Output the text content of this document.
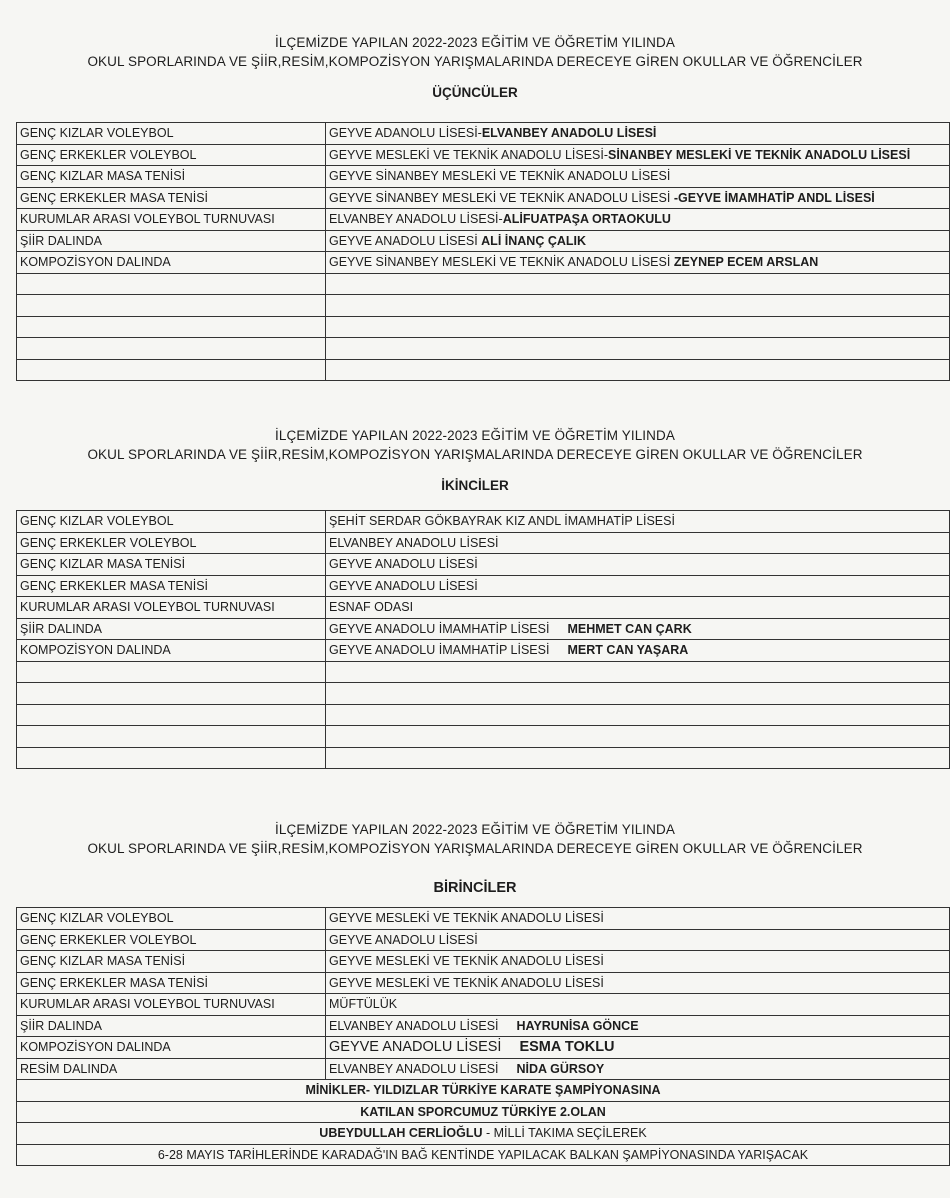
İLÇEMİZDE YAPILAN 2022-2023 EĞİTİM VE ÖĞRETİM YILINDA
OKUL SPORLARINDA VE ŞİİR,RESİM,KOMPOZİSYON YARIŞMALARINDA DERECEYE GİREN OKULLAR VE ÖĞRENCİLER
ÜÇÜNCÜLER
GENÇ KIZLAR VOLEYBOL	GEYVE ADANOLU LİSESİ-ELVANBEY ANADOLU LİSESİ
GENÇ ERKEKLER VOLEYBOL	GEYVE MESLEKİ VE TEKNİK ANADOLU LİSESİ-SİNANBEY MESLEKİ VE TEKNİK ANADOLU LİSESİ
GENÇ KIZLAR MASA TENİSİ	GEYVE SİNANBEY MESLEKİ VE TEKNİK ANADOLU LİSESİ
GENÇ ERKEKLER MASA TENİSİ	GEYVE SİNANBEY MESLEKİ VE TEKNİK ANADOLU LİSESİ -GEYVE İMAMHATİP ANDL LİSESİ
KURUMLAR ARASI VOLEYBOL TURNUVASI	ELVANBEY ANADOLU LİSESİ-ALİFUATPAŞA ORTAOKULU
ŞİİR DALINDA	GEYVE ANADOLU LİSESİ ALİ İNANÇ ÇALIK
KOMPOZİSYON DALINDA	GEYVE SİNANBEY MESLEKİ VE TEKNİK ANADOLU LİSESİ ZEYNEP ECEM ARSLAN

İLÇEMİZDE YAPILAN 2022-2023 EĞİTİM VE ÖĞRETİM YILINDA
OKUL SPORLARINDA VE ŞİİR,RESİM,KOMPOZİSYON YARIŞMALARINDA DERECEYE GİREN OKULLAR VE ÖĞRENCİLER
İKİNCİLER
GENÇ KIZLAR VOLEYBOL	ŞEHİT SERDAR GÖKBAYRAK KIZ ANDL İMAMHATİP LİSESİ
GENÇ ERKEKLER VOLEYBOL	ELVANBEY ANADOLU LİSESİ
GENÇ KIZLAR MASA TENİSİ	GEYVE ANADOLU LİSESİ
GENÇ ERKEKLER MASA TENİSİ	GEYVE ANADOLU LİSESİ
KURUMLAR ARASI VOLEYBOL TURNUVASI	ESNAF ODASI
ŞİİR DALINDA	GEYVE ANADOLU İMAMHATİP LİSESİ MEHMET CAN ÇARK
KOMPOZİSYON DALINDA	GEYVE ANADOLU İMAMHATİP LİSESİ MERT CAN YAŞARA

İLÇEMİZDE YAPILAN 2022-2023 EĞİTİM VE ÖĞRETİM YILINDA
OKUL SPORLARINDA VE ŞİİR,RESİM,KOMPOZİSYON YARIŞMALARINDA DERECEYE GİREN OKULLAR VE ÖĞRENCİLER
BİRİNCİLER
GENÇ KIZLAR VOLEYBOL	GEYVE MESLEKİ VE TEKNİK ANADOLU LİSESİ
GENÇ ERKEKLER VOLEYBOL	GEYVE ANADOLU LİSESİ
GENÇ KIZLAR MASA TENİSİ	GEYVE MESLEKİ VE TEKNİK ANADOLU LİSESİ
GENÇ ERKEKLER MASA TENİSİ	GEYVE MESLEKİ VE TEKNİK ANADOLU LİSESİ
KURUMLAR ARASI VOLEYBOL TURNUVASI	MÜFTÜLÜK
ŞİİR DALINDA	ELVANBEY ANADOLU LİSESİ HAYRUNİSA GÖNCE
KOMPOZİSYON DALINDA	GEYVE ANADOLU LİSESİ ESMA TOKLU
RESİM DALINDA	ELVANBEY ANADOLU LİSESİ NİDA GÜRSOY
MİNİKLER- YILDIZLAR TÜRKİYE KARATE ŞAMPİYONASINA	
KATILAN SPORCUMUZ TÜRKİYE 2.OLAN	
UBEYDULLAH CERLİOĞLU - MİLLİ TAKIMA SEÇİLEREK	
6-28 MAYIS TARİHLERİNDE KARADAĞ'IN BAĞ KENTİNDE YAPILACAK BALKAN ŞAMPİYONASINDA YARIŞACAK	
